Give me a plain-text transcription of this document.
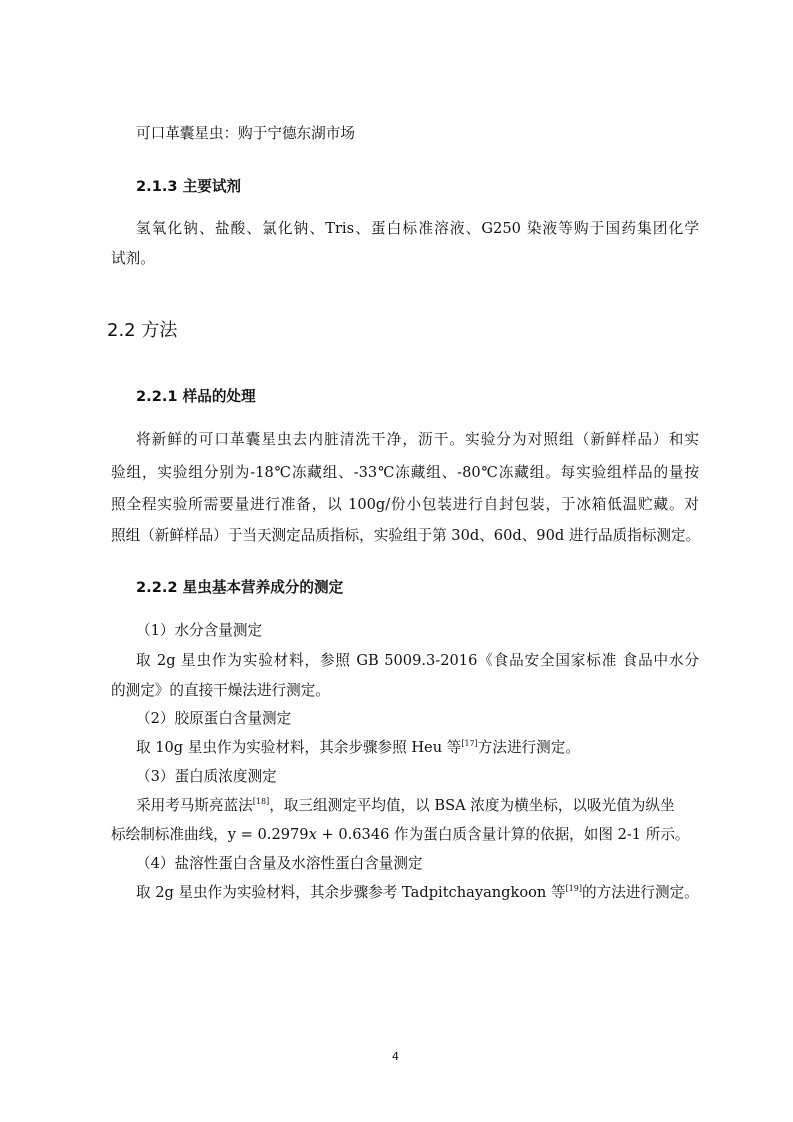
可口革囊星虫：购于宁德东湖市场
2.1.3 主要试剂
氢氧化钠、盐酸、氯化钠、Tris、蛋白标准溶液、G250 染液等购于国药集团化学
试剂。
2.2 方法
2.2.1 样品的处理
将新鲜的可口革囊星虫去内脏清洗干净，沥干。实验分为对照组（新鲜样品）和实
验组，实验组分别为-18℃冻藏组、-33℃冻藏组、-80℃冻藏组。每实验组样品的量按
照全程实验所需要量进行准备，以 100g/份小包装进行自封包装，于冰箱低温贮藏。对
照组（新鲜样品）于当天测定品质指标，实验组于第 30d、60d、90d 进行品质指标测定。
2.2.2 星虫基本营养成分的测定
（1）水分含量测定
取 2g 星虫作为实验材料，参照 GB 5009.3-2016《食品安全国家标准 食品中水分
的测定》的直接干燥法进行测定。
（2）胶原蛋白含量测定
取 10g 星虫作为实验材料，其余步骤参照 Heu 等[17]方法进行测定。
（3）蛋白质浓度测定
采用考马斯亮蓝法[18]，取三组测定平均值，以 BSA 浓度为横坐标，以吸光值为纵坐
标绘制标准曲线，y = 0.2979x + 0.6346 作为蛋白质含量计算的依据，如图 2-1 所示。
（4）盐溶性蛋白含量及水溶性蛋白含量测定
取 2g 星虫作为实验材料，其余步骤参考 Tadpitchayangkoon 等[19]的方法进行测定。
4
